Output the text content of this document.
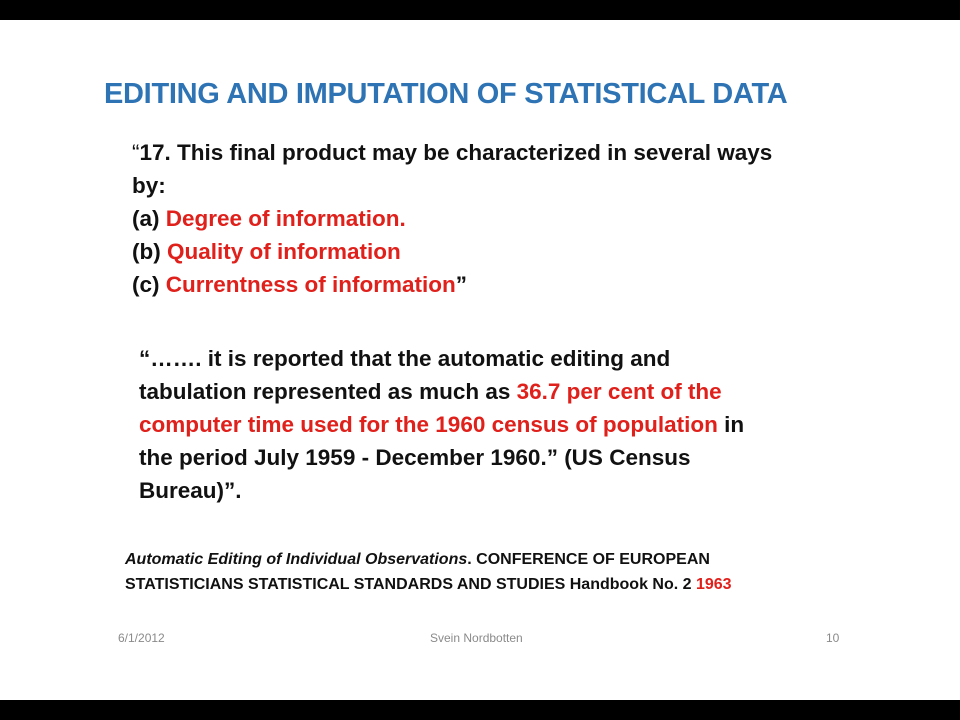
EDITING AND IMPUTATION OF STATISTICAL DATA
“17. This final product may be characterized in several ways
by:
(a) Degree of information.
(b) Quality of information
(c) Currentness of information”
“……. it is reported that the automatic editing and
tabulation represented as much as 36.7 per cent of the
computer time used for the 1960 census of population in
the period July 1959 - December 1960.” (US Census
Bureau)”.
Automatic Editing of Individual Observations. CONFERENCE OF EUROPEAN
STATISTICIANS STATISTICAL STANDARDS AND STUDIES Handbook No. 2 1963
6/1/2012	Svein Nordbotten	10
